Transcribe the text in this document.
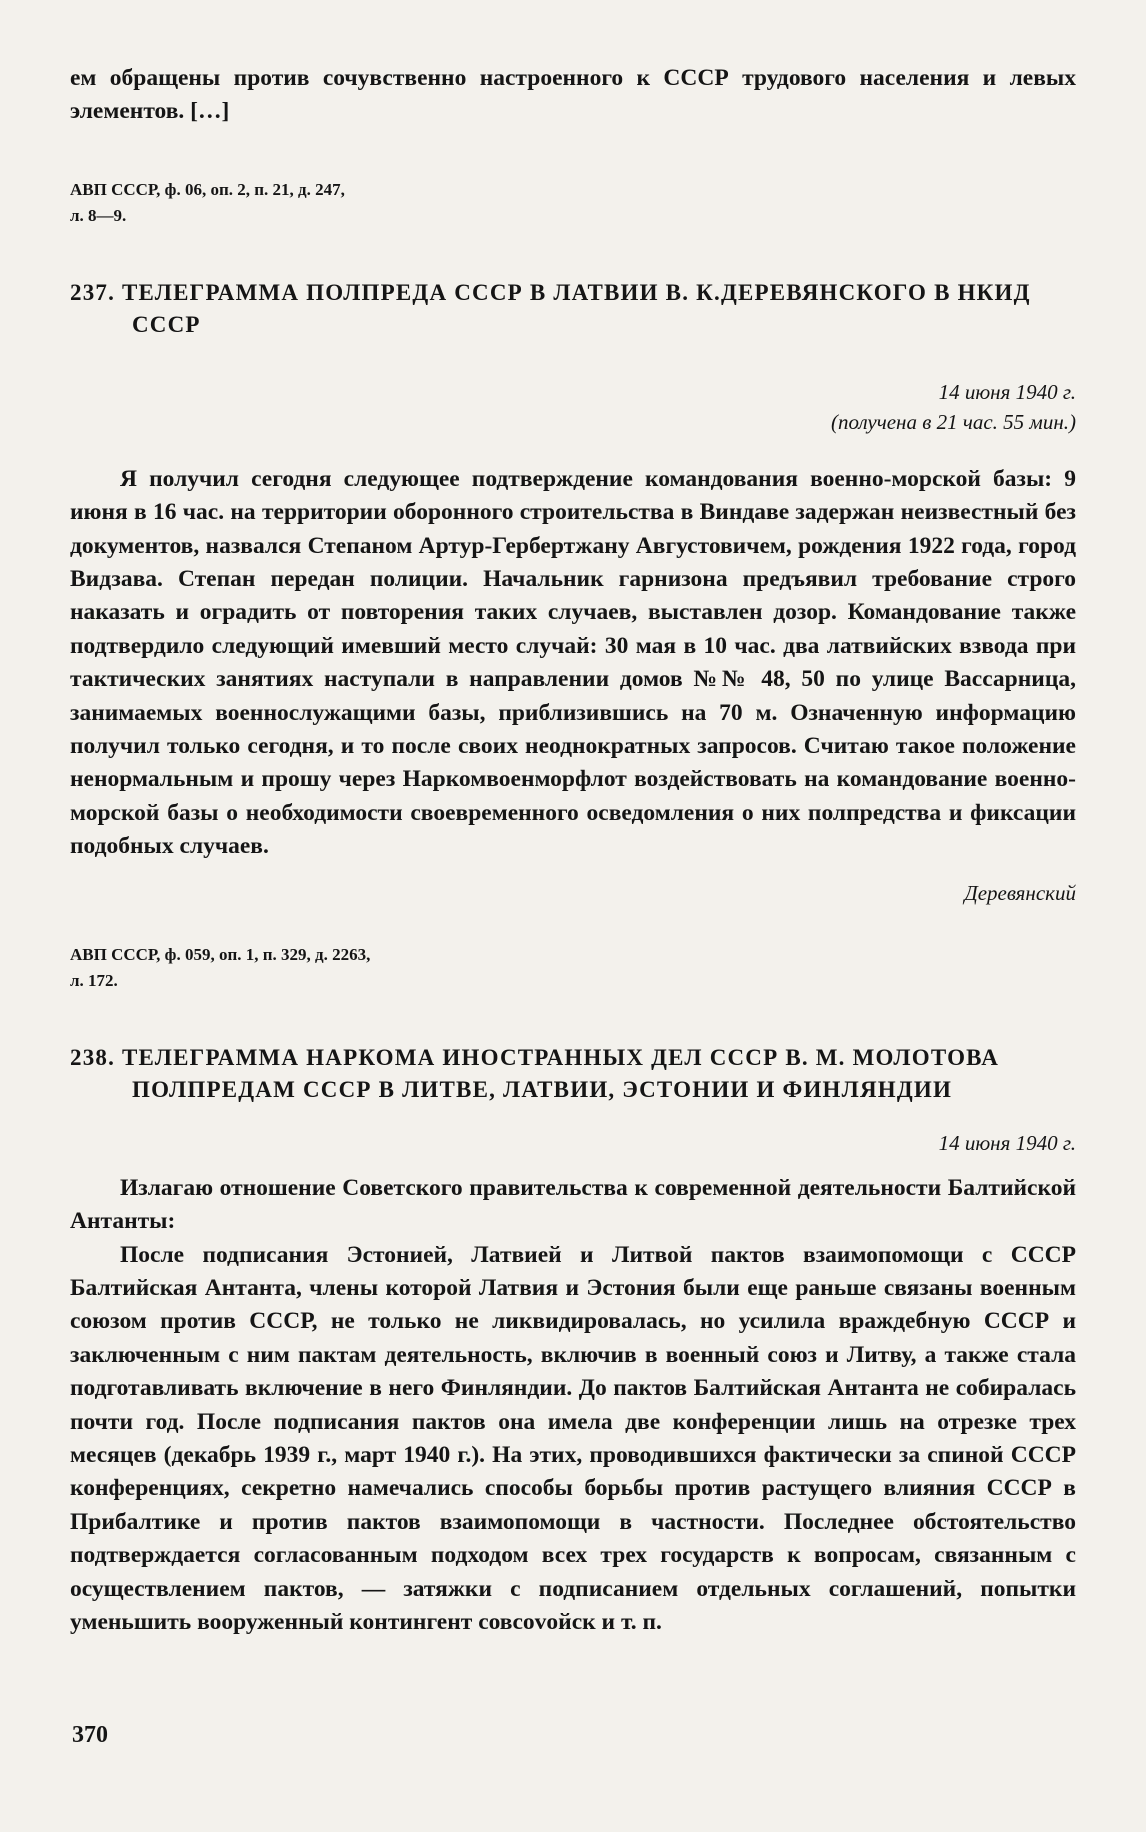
ем обращены против сочувственно настроенного к СССР трудового населения и левых элементов. […]

АВП СССР, ф. 06, оп. 2, п. 21, д. 247,
л. 8—9.
237. ТЕЛЕГРАММА ПОЛПРЕДА СССР В ЛАТВИИ В. К.ДЕРЕВЯНСКОГО В НКИД СССР
14 июня 1940 г.
(получена в 21 час. 55 мин.)

Я получил сегодня следующее подтверждение командования военно-морской базы: 9 июня в 16 час. на территории оборонного строительства в Виндаве задержан неизвестный без документов, назвался Степаном Артур-Гербертжану Августовичем, рождения 1922 года, город Видзава. Степан передан полиции. Начальник гарнизона предъявил требование строго наказать и оградить от повторения таких случаев, выставлен дозор. Командование также подтвердило следующий имевший место случай: 30 мая в 10 час. два латвийских взвода при тактических занятиях наступали в направлении домов №№ 48, 50 по улице Вассарница, занимаемых военнослужащими базы, приблизившись на 70 м. Означенную информацию получил только сегодня, и то после своих неоднократных запросов. Считаю такое положение ненормальным и прошу через Наркомвоенморфлот воздействовать на командование военно-морской базы о необходимости своевременного осведомления о них полпредства и фиксации подобных случаев.

Деревянский
АВП СССР, ф. 059, оп. 1, п. 329, д. 2263,
л. 172.
238. ТЕЛЕГРАММА НАРКОМА ИНОСТРАННЫХ ДЕЛ СССР В. М. МОЛОТОВА ПОЛПРЕДАМ СССР В ЛИТВЕ, ЛАТВИИ, ЭСТОНИИ И ФИНЛЯНДИИ
14 июня 1940 г.

Излагаю отношение Советского правительства к современной деятельности Балтийской Антанты:

После подписания Эстонией, Латвией и Литвой пактов взаимопомощи с СССР Балтийская Антанта, члены которой Латвия и Эстония были еще раньше связаны военным союзом против СССР, не только не ликвидировалась, но усилила враждебную СССР и заключенным с ним пактам деятельность, включив в военный союз и Литву, а также стала подготавливать включение в него Финляндии. До пактов Балтийская Антанта не собиралась почти год. После подписания пактов она имела две конференции лишь на отрезке трех месяцев (декабрь 1939 г., март 1940 г.). На этих, проводившихся фактически за спиной СССР конференциях, секретно намечались способы борьбы против растущего влияния СССР в Прибалтике и против пактов взаимопомощи в частности. Последнее обстоятельство подтверждается согласованным подходом всех трех государств к вопросам, связанным с осуществлением пактов, — затяжки с подписанием отдельных соглашений, попытки уменьшить вооруженный контингент совcovойск и т. п.

370
